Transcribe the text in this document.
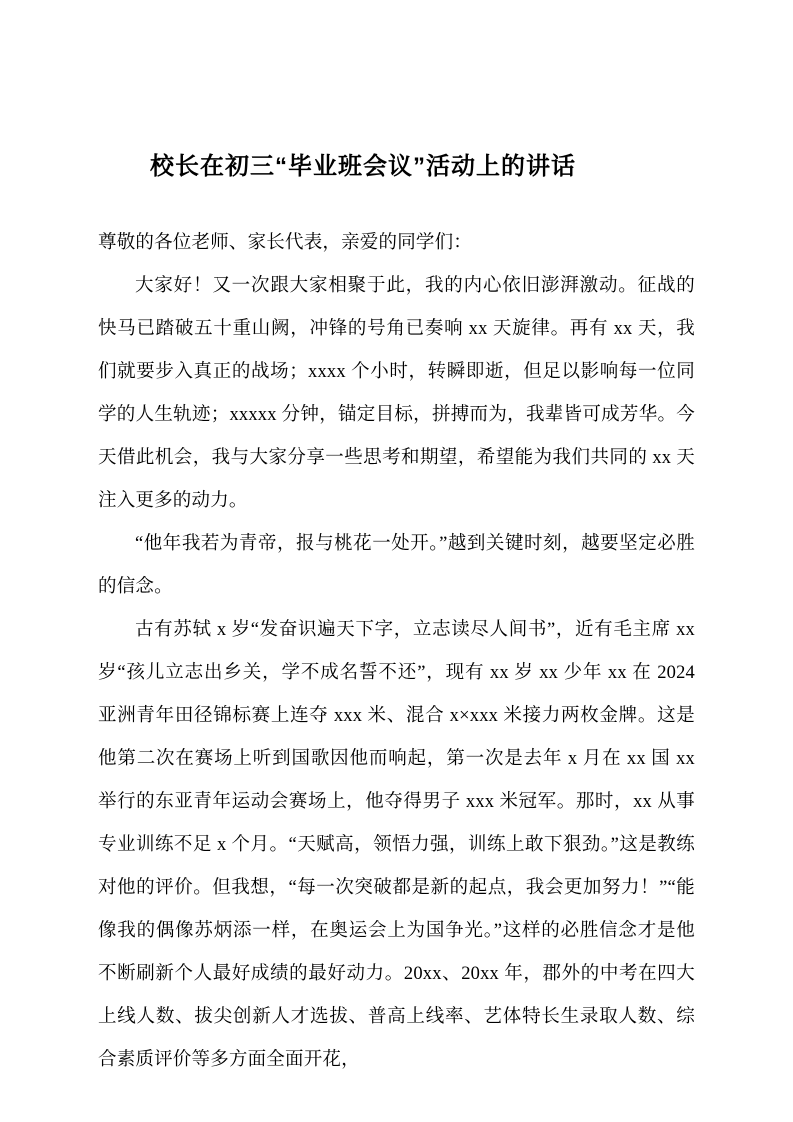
校长在初三“毕业班会议”活动上的讲话

尊敬的各位老师、家长代表，亲爱的同学们：

大家好！又一次跟大家相聚于此，我的内心依旧澎湃激动。征战的快马已踏破五十重山阙，冲锋的号角已奏响 xx 天旋律。再有 xx 天，我们就要步入真正的战场；xxxx 个小时，转瞬即逝，但足以影响每一位同学的人生轨迹；xxxxx 分钟，锚定目标，拼搏而为，我辈皆可成芳华。今天借此机会，我与大家分享一些思考和期望，希望能为我们共同的 xx 天注入更多的动力。

“他年我若为青帝，报与桃花一处开。”越到关键时刻，越要坚定必胜的信念。

古有苏轼 x 岁“发奋识遍天下字，立志读尽人间书”，近有毛主席 xx 岁“孩儿立志出乡关，学不成名誓不还”，现有 xx 岁 xx 少年 xx 在 2024 亚洲青年田径锦标赛上连夺 xxx 米、混合 x×xxx 米接力两枚金牌。这是他第二次在赛场上听到国歌因他而响起，第一次是去年 x 月在 xx 国 xx 举行的东亚青年运动会赛场上，他夺得男子 xxx 米冠军。那时，xx 从事专业训练不足 x 个月。“天赋高，领悟力强，训练上敢下狠劲。”这是教练对他的评价。但我想，“每一次突破都是新的起点，我会更加努力！”“能像我的偶像苏炳添一样，在奥运会上为国争光。”这样的必胜信念才是他不断刷新个人最好成绩的最好动力。20xx、20xx 年，郡外的中考在四大上线人数、拔尖创新人才选拔、普高上线率、艺体特长生录取人数、综合素质评价等多方面全面开花，
